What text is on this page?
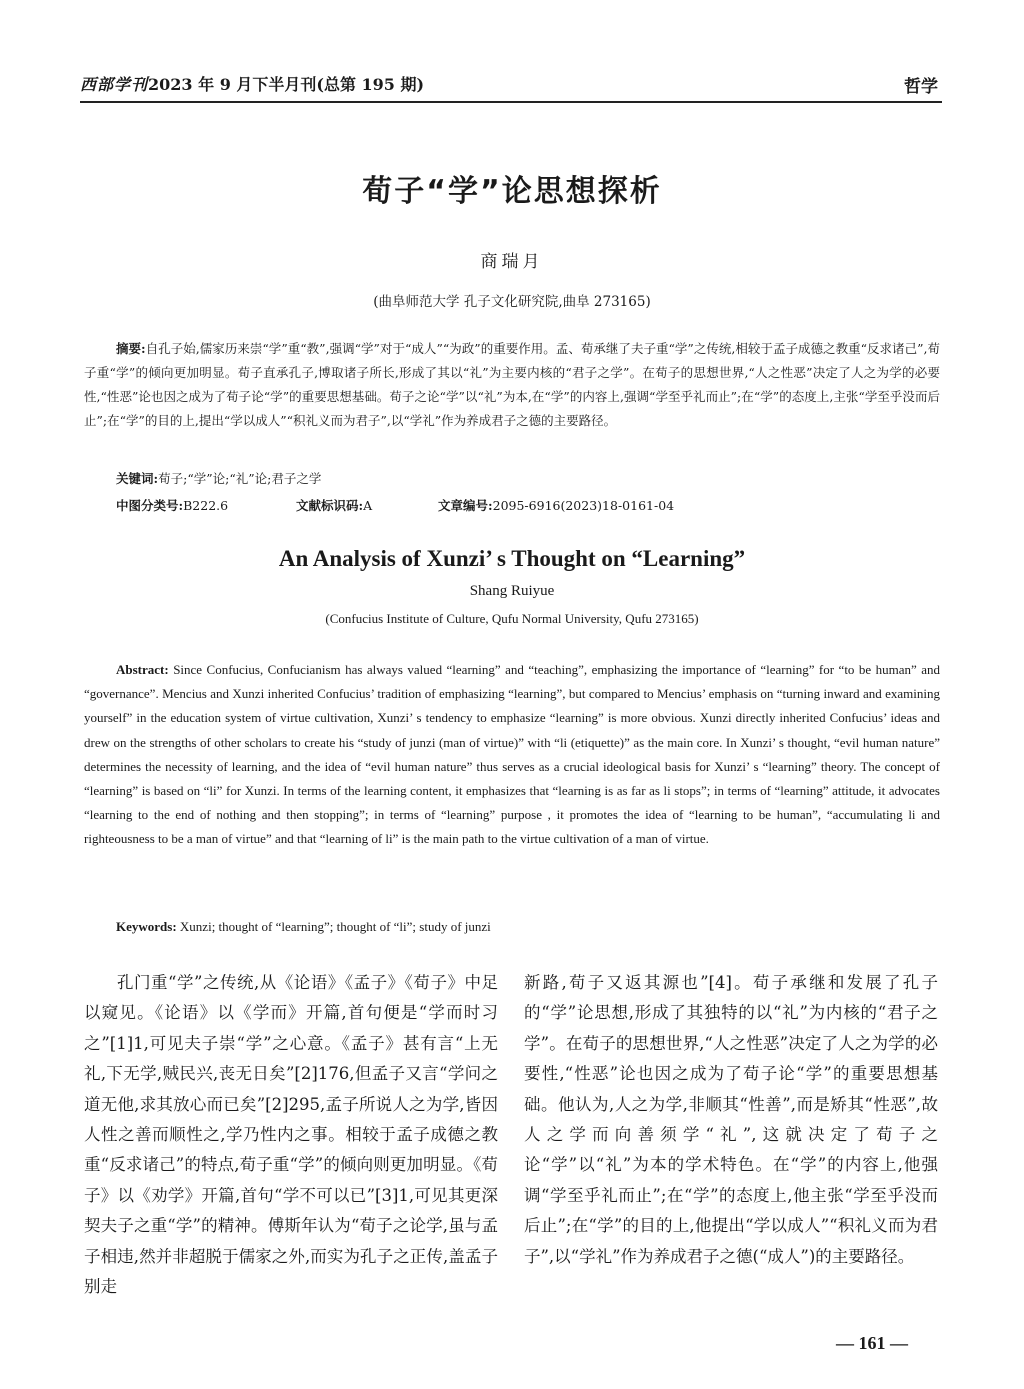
西部学刊2023 年 9 月下半月刊(总第 195 期)	哲学
荀子“学”论思想探析
商瑞月
(曲阜师范大学 孔子文化研究院,曲阜 273165)
摘要:自孔子始,儒家历来崇“学”重“教”,强调“学”对于“成人”“为政”的重要作用。孟、荀承继了夫子重“学”之传统,相较于孟子成德之教重“反求诸己”,荀子重“学”的倾向更加明显。荀子直承孔子,博取诸子所长,形成了其以“礼”为主要内核的“君子之学”。在荀子的思想世界,“人之性恶”决定了人之为学的必要性,“性恶”论也因之成为了荀子论“学”的重要思想基础。荀子之论“学”以“礼”为本,在“学”的内容上,强调“学至乎礼而止”;在“学”的态度上,主张“学至乎没而后止”;在“学”的目的上,提出“学以成人”“积礼义而为君子”,以“学礼”作为养成君子之德的主要路径。
关键词:荀子;“学”论;“礼”论;君子之学
中图分类号:B222.6	文献标识码:A	文章编号:2095-6916(2023)18-0161-04
An Analysis of Xunzi’ s Thought on “Learning”
Shang Ruiyue
(Confucius Institute of Culture, Qufu Normal University, Qufu 273165)

Abstract: Since Confucius, Confucianism has always valued “learning” and “teaching”, emphasizing the importance of “learning” for “to be human” and “governance”. Mencius and Xunzi inherited Confucius’ tradition of emphasizing “learning”, but compared to Mencius’ emphasis on “turning inward and examining yourself” in the education system of virtue cultivation, Xunzi’ s tendency to emphasize “learning” is more obvious. Xunzi directly inherited Confucius’ ideas and drew on the strengths of other scholars to create his “study of junzi (man of virtue)” with “li (etiquette)” as the main core. In Xunzi’ s thought, “evil human nature” determines the necessity of learning, and the idea of “evil human nature” thus serves as a crucial ideological basis for Xunzi’ s “learning” theory. The concept of “learning” is based on “li” for Xunzi. In terms of the learning content, it emphasizes that “learning is as far as li stops”; in terms of “learning” attitude, it advocates “learning to the end of nothing and then stopping”; in terms of “learning” purpose , it promotes the idea of “learning to be human”, “accumulating li and righteousness to be a man of virtue” and that “learning of li” is the main path to the virtue cultivation of a man of virtue.

Keywords: Xunzi; thought of “learning”; thought of “li”; study of junzi

孔门重“学”之传统,从《论语》《孟子》《荀子》中足以窥见。《论语》以《学而》开篇,首句便是“学而时习之”[1]1,可见夫子崇“学”之心意。《孟子》甚有言“上无礼,下无学,贼民兴,丧无日矣”[2]176,但孟子又言“学问之道无他,求其放心而已矣”[2]295,孟子所说人之为学,皆因人性之善而顺性之,学乃性内之事。相较于孟子成德之教重“反求诸己”的特点,荀子重“学”的倾向则更加明显。《荀子》以《劝学》开篇,首句“学不可以已”[3]1,可见其更深契夫子之重“学”的精神。傅斯年认为“荀子之论学,虽与孟子相违,然并非超脱于儒家之外,而实为孔子之正传,盖孟子别走

新路,荀子又返其源也”[4]。荀子承继和发展了孔子的“学”论思想,形成了其独特的以“礼”为内核的“君子之学”。在荀子的思想世界,“人之性恶”决定了人之为学的必要性,“性恶”论也因之成为了荀子论“学”的重要思想基础。他认为,人之为学,非顺其“性善”,而是矫其“性恶”,故人之学而向善须学“礼”,这就决定了荀子之论“学”以“礼”为本的学术特色。在“学”的内容上,他强调“学至乎礼而止”;在“学”的态度上,他主张“学至乎没而后止”;在“学”的目的上,他提出“学以成人”“积礼义而为君子”,以“学礼”作为养成君子之德(“成人”)的主要路径。

— 161 —
